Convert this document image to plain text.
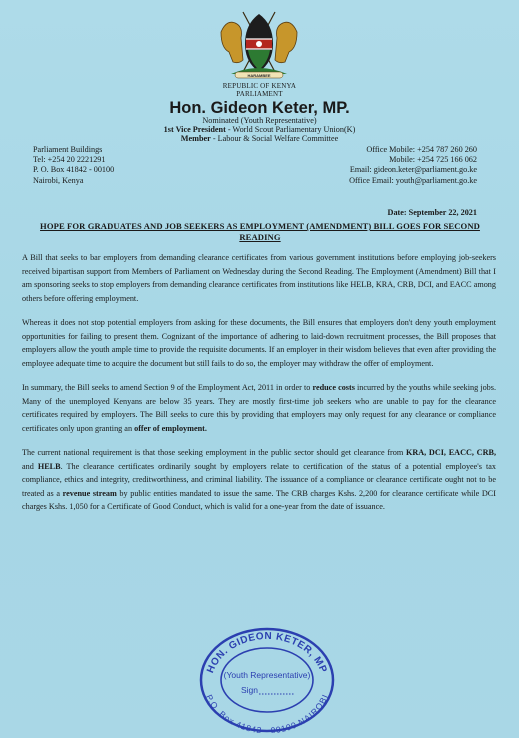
HARAMBEE
REPUBLIC OF KENYA
PARLIAMENT
Hon. Gideon Keter, MP.
Nominated (Youth Representative)
1st Vice President - World Scout Parliamentary Union(K)
Member - Labour & Social Welfare Committee
Parliament Buildings
Tel: +254 20 2221291
P. O. Box 41842 - 00100
Nairobi, Kenya
Office Mobile: +254 787 260 260
Mobile: +254 725 166 062
Email: gideon.keter@parliament.go.ke
Office Email: youth@parliament.go.ke
Date: September 22, 2021
HOPE FOR GRADUATES AND JOB SEEKERS AS EMPLOYMENT (AMENDMENT) BILL GOES FOR SECOND READING

A Bill that seeks to bar employers from demanding clearance certificates from various government institutions before employing job-seekers received bipartisan support from Members of Parliament on Wednesday during the Second Reading. The Employment (Amendment) Bill that I am sponsoring seeks to stop employers from demanding clearance certificates from institutions like HELB, KRA, CRB, DCI, and EACC among others before offering employment.

Whereas it does not stop potential employers from asking for these documents, the Bill ensures that employers don't deny youth employment opportunities for failing to present them. Cognizant of the importance of adhering to laid-down recruitment processes, the Bill proposes that employers allow the youth ample time to provide the requisite documents. If an employer in their wisdom believes that even after providing the employee adequate time to acquire the document but still fails to do so, the employer may withdraw the offer of employment.

In summary, the Bill seeks to amend Section 9 of the Employment Act, 2011 in order to reduce costs incurred by the youths while seeking jobs. Many of the unemployed Kenyans are below 35 years. They are mostly first-time job seekers who are unable to pay for the clearance certificates required by employers. The Bill seeks to cure this by providing that employers may only request for any clearance or compliance certificates only upon granting an offer of employment.

The current national requirement is that those seeking employment in the public sector should get clearance from KRA, DCI, EACC, CRB, and HELB. The clearance certificates ordinarily sought by employers relate to certification of the status of a potential employee's tax compliance, ethics and integrity, creditworthiness, and criminal liability. The issuance of a compliance or clearance certificate ought not to be treated as a revenue stream by public entities mandated to issue the same. The CRB charges Kshs. 2,200 for clearance certificate while DCI charges Kshs. 1,050 for a Certificate of Good Conduct, which is valid for a one-year from the date of issuance.

HON. GIDEON KETER, MP
P.O. Box 41842 - 00100 NAIROBI
(Youth Representative)
Sign
